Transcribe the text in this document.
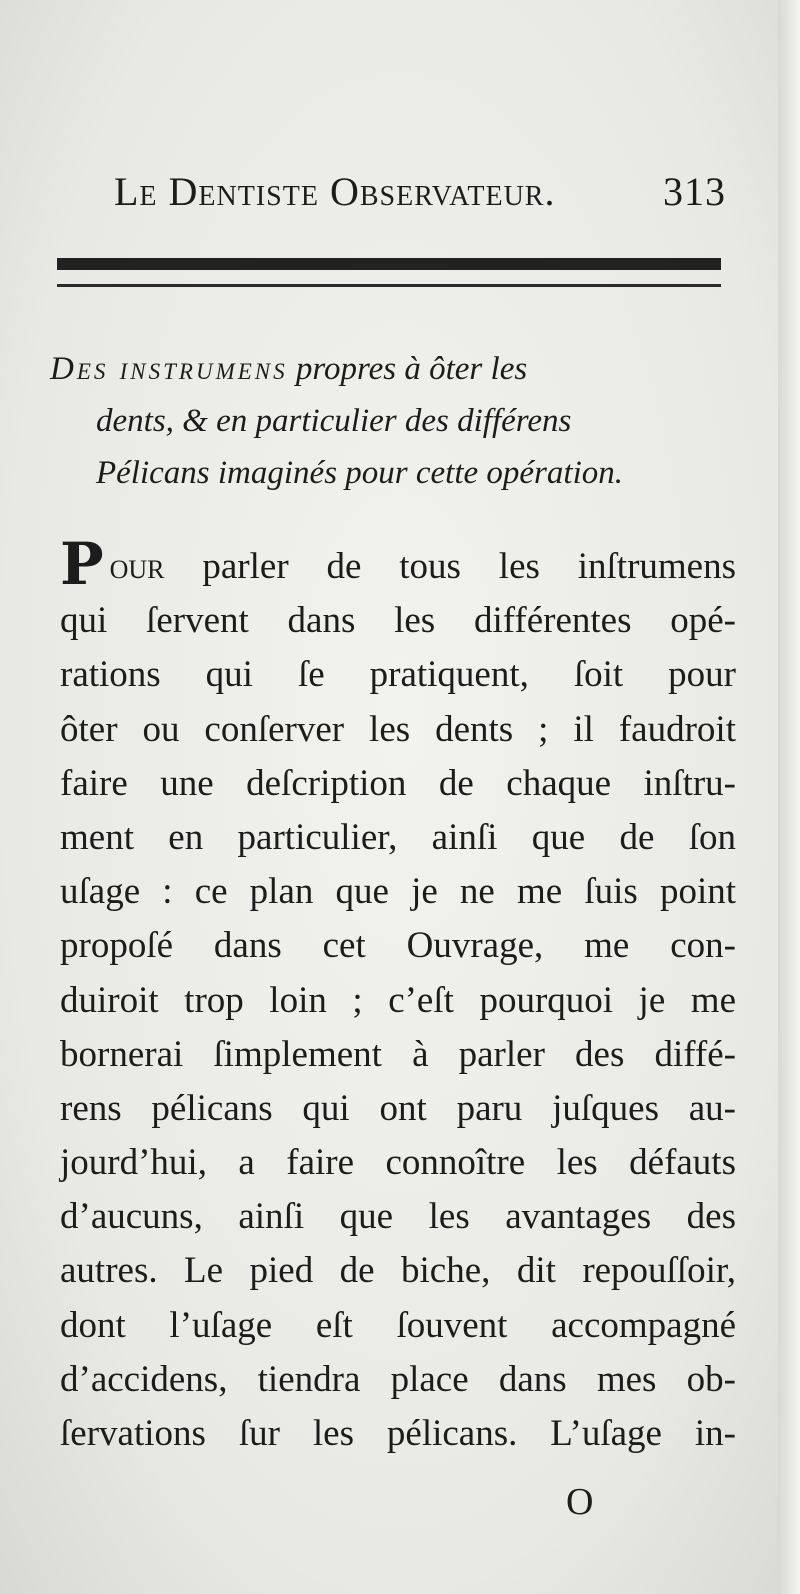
Le Dentiste Observateur.	313
Des instrumens propres à ôter les
dents, & en particulier des différens
Pélicans imaginés pour cette opération.
Pour parler de tous les inſtrumens
qui ſervent dans les différentes opé-
rations qui ſe pratiquent, ſoit pour
ôter ou conſerver les dents ; il faudroit
faire une deſcription de chaque inſtru-
ment en particulier, ainſi que de ſon
uſage : ce plan que je ne me ſuis point
propoſé dans cet Ouvrage, me con-
duiroit trop loin ; c’eſt pourquoi je me
bornerai ſimplement à parler des diffé-
rens pélicans qui ont paru juſques au-
jourd’hui, a faire connoître les défauts
d’aucuns, ainſi que les avantages des
autres. Le pied de biche, dit repouſſoir,
dont l’uſage eſt ſouvent accompagné
d’accidens, tiendra place dans mes ob-
ſervations ſur les pélicans. L’uſage in-
O
